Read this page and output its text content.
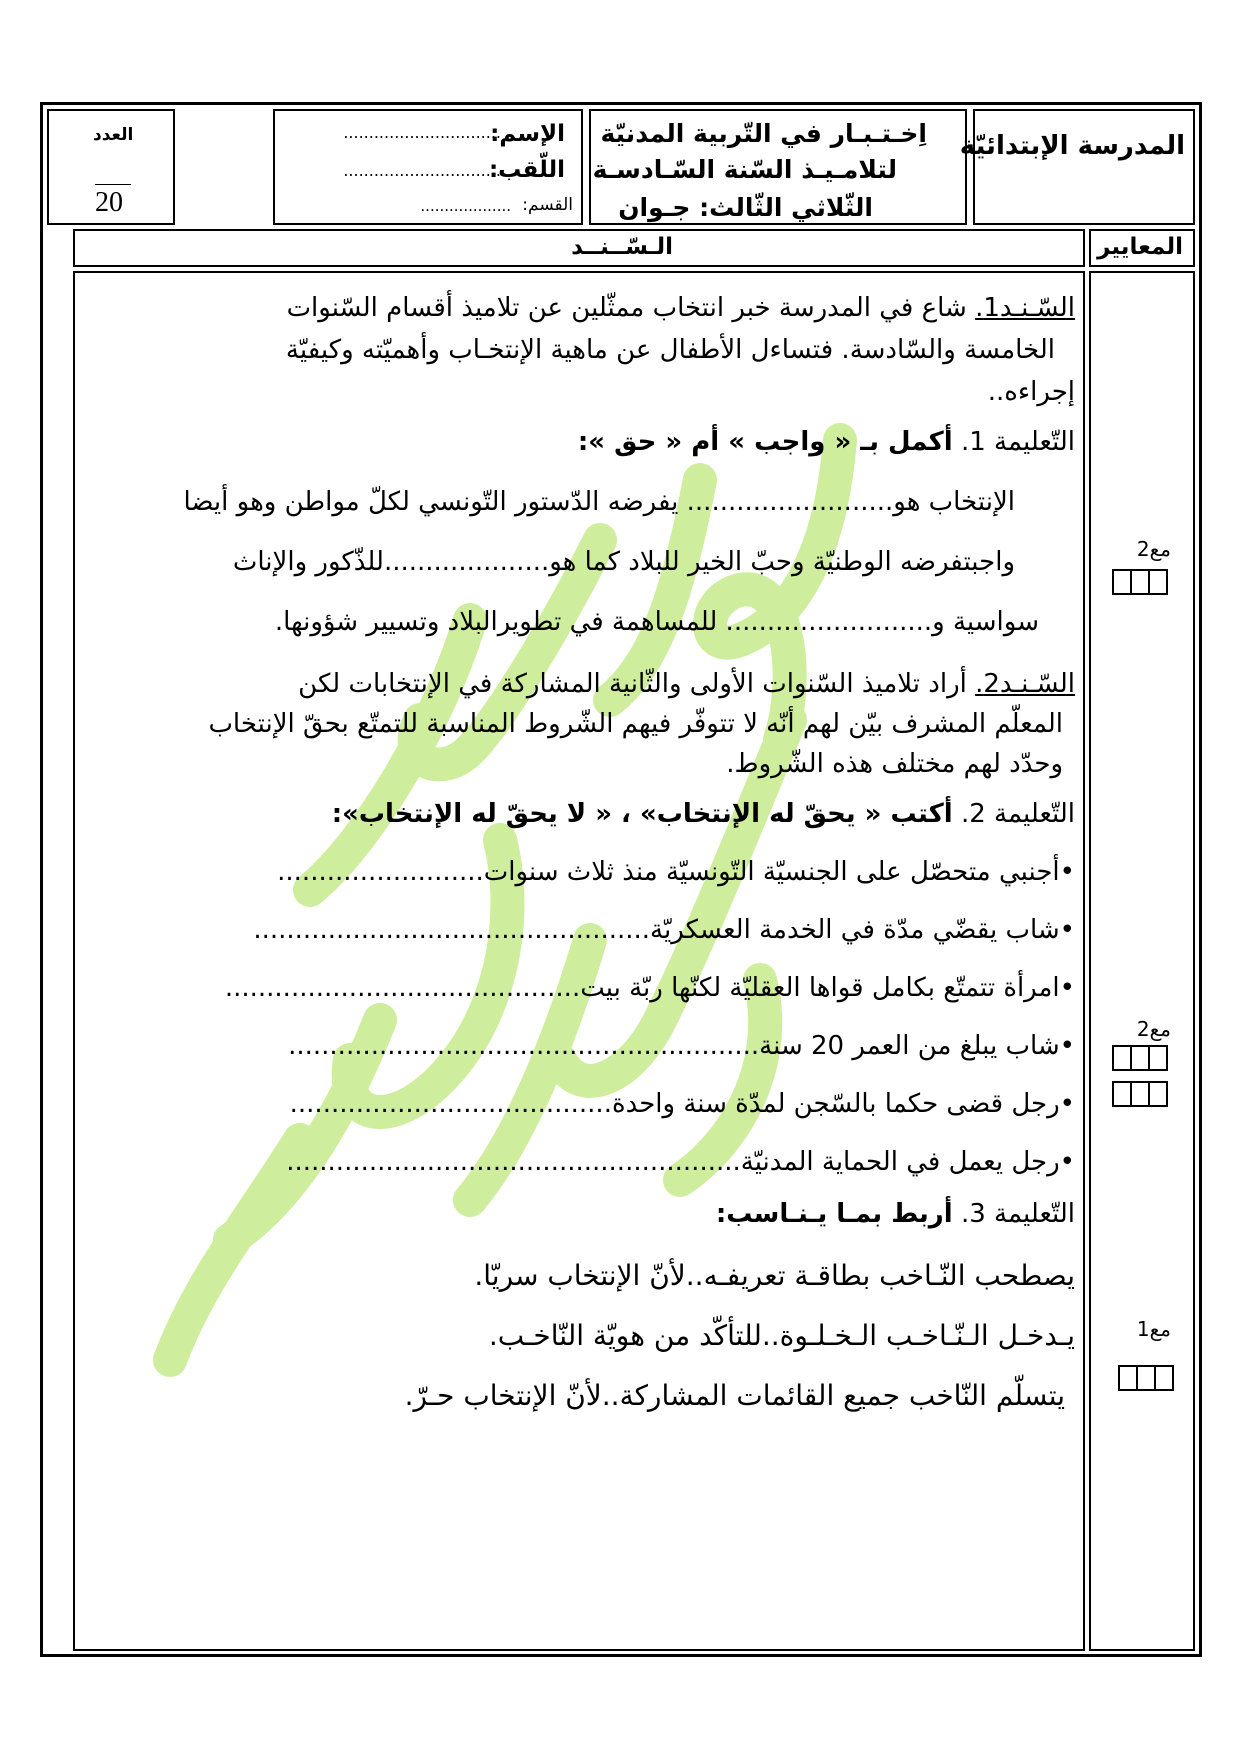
المدرسة الإبتدائيّة
اِخـتـبـار في التّربية المدنيّة
لتلامـيـذ السّنة السّـادسـة
الثّلاثي الثّالث: جـوان
الإسم:
...............................
اللّقب:
...............................
القسم:
...................
العدد
20
المعايير
الـسّــنــد
مع2
مع2
مع1
السّـنـد1. شاع في المدرسة خبر انتخاب ممثّلين عن تلاميذ أقسام السّنوات
الخامسة والسّادسة. فتساءل الأطفال عن ماهية الإنتخـاب وأهميّته وكيفيّة
إجراءه..
التّعليمة 1. أكمل بـ « واجب » أم « حق »:
الإنتخاب هو......................... يفرضه الدّستور التّونسي لكلّ مواطن وهو أيضا
واجبتفرضه الوطنيّة وحبّ الخير للبلاد كما هو....................للذّكور والإناث
سواسية و......................... للمساهمة في تطويرالبلاد وتسيير شؤونها.
السّـنـد2. أراد تلاميذ السّنوات الأولى والثّانية المشاركة في الإنتخابات لكن
المعلّم المشرف بيّن لهم أنّه لا تتوفّر فيهم الشّروط المناسبة للتمتّع بحقّ الإنتخاب
وحدّد لهم مختلف هذه الشّروط.
التّعليمة 2. أكتب « يحقّ له الإنتخاب» ، « لا يحقّ له الإنتخاب»:
•أجنبي متحصّل على الجنسيّة التّونسيّة منذ ثلاث سنوات.........................
•شاب يقضّي مدّة في الخدمة العسكريّة................................................
•امرأة تتمتّع بكامل قواها العقليّة لكنّها ربّة بيت...........................................
•شاب يبلغ من العمر 20 سنة.........................................................
•رجل قضى حكما بالسّجن لمدّة سنة واحدة.......................................
•رجل يعمل في الحماية المدنيّة.......................................................
التّعليمة 3. أربط بمـا يـنـاسب:
يصطحب النّـاخب بطاقـة تعريفـه..لأنّ الإنتخاب سريّا.
يـدخـل الـنّـاخـب الـخـلـوة..للتأكّد من هويّة النّاخـب.
يتسلّم النّاخب جميع القائمات المشاركة..لأنّ الإنتخاب حـرّ.
